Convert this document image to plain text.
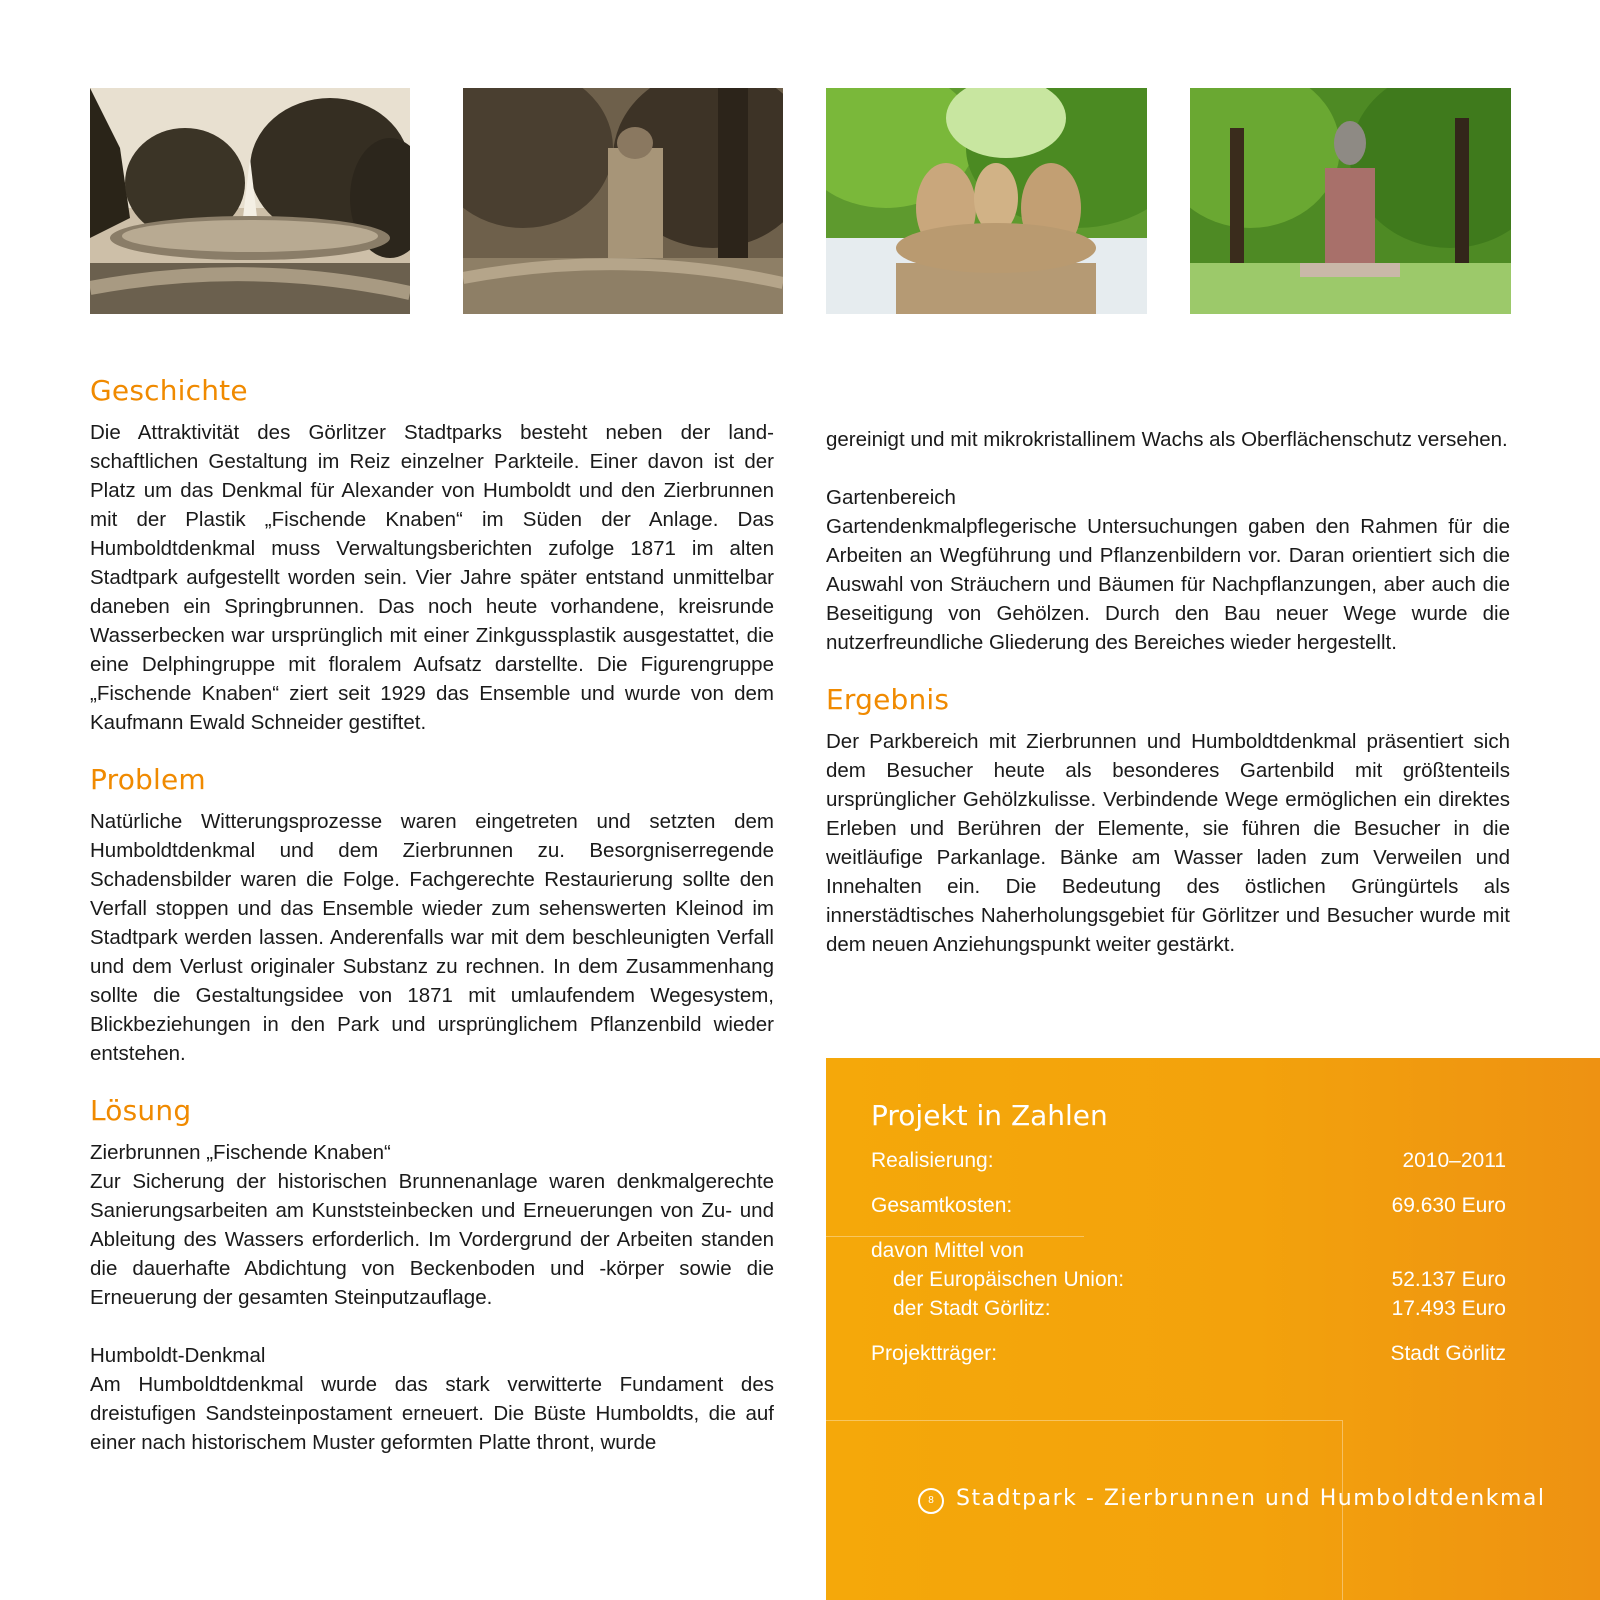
Geschichte

Die Attraktivität des Görlitzer Stadtparks besteht neben der landschaftlichen Gestaltung im Reiz einzelner Parkteile. Einer davon ist der Platz um das Denkmal für Alexander von Humboldt und den Zierbrunnen mit der Plastik „Fischende Knaben“ im Süden der Anlage. Das Humboldtdenkmal muss Verwaltungsberichten zufolge 1871 im alten Stadtpark aufgestellt worden sein. Vier Jahre später entstand unmittelbar daneben ein Springbrunnen. Das noch heute vorhandene, kreisrunde Wasserbecken war ursprünglich mit einer Zinkgussplastik ausgestattet, die eine Delphingruppe mit floralem Aufsatz darstellte. Die Figurengruppe „Fischende Knaben“ ziert seit 1929 das Ensemble und wurde von dem Kaufmann Ewald Schneider gestiftet.

Problem

Natürliche Witterungsprozesse waren eingetreten und setzten dem Humboldtdenkmal und dem Zierbrunnen zu. Besorgniserregende Schadensbilder waren die Folge. Fachgerechte Restaurierung sollte den Verfall stoppen und das Ensemble wieder zum sehenswerten Kleinod im Stadtpark werden lassen. Anderenfalls war mit dem beschleunigten Verfall und dem Verlust originaler Substanz zu rechnen. In dem Zusammenhang sollte die Gestaltungsidee von 1871 mit umlaufendem Wegesystem, Blickbeziehungen in den Park und ursprünglichem Pflanzenbild wieder entstehen.

Lösung

Zierbrunnen „Fischende Knaben“

Zur Sicherung der historischen Brunnenanlage waren denkmalgerechte Sanierungsarbeiten am Kunststeinbecken und Erneuerungen von Zu- und Ableitung des Wassers erforderlich. Im Vordergrund der Arbeiten standen die dauerhafte Abdichtung von Beckenboden und -körper sowie die Erneuerung der gesamten Steinputzauflage.

Humboldt-Denkmal

Am Humboldtdenkmal wurde das stark verwitterte Fundament des dreistufigen Sandsteinpostament erneuert. Die Büste Humboldts, die auf einer nach historischem Muster geformten Platte thront, wurde

gereinigt und mit mikrokristallinem Wachs als Oberflächenschutz versehen.

Gartenbereich

Gartendenkmalpflegerische Untersuchungen gaben den Rahmen für die Arbeiten an Wegführung und Pflanzenbildern vor. Daran orientiert sich die Auswahl von Sträuchern und Bäumen für Nachpflanzungen, aber auch die Beseitigung von Gehölzen. Durch den Bau neuer Wege wurde die nutzerfreundliche Gliederung des Bereiches wieder hergestellt.

Ergebnis

Der Parkbereich mit Zierbrunnen und Humboldtdenkmal präsentiert sich dem Besucher heute als besonderes Gartenbild mit größtenteils ursprünglicher Gehölzkulisse. Verbindende Wege ermöglichen ein direktes Erleben und Berühren der Elemente, sie führen die Besucher in die weitläufige Parkanlage. Bänke am Wasser laden zum Verweilen und Innehalten ein. Die Bedeutung des östlichen Grüngürtels als innerstädtisches Naherholungsgebiet für Görlitzer und Besucher wurde mit dem neuen Anziehungspunkt weiter gestärkt.

Projekt in Zahlen
Realisierung:	2010–2011
Gesamtkosten:	69.630 Euro
davon Mittel von
der Europäischen Union:	52.137 Euro
der Stadt Görlitz:	17.493 Euro
Projektträger:	Stadt Görlitz
8	Stadtpark - Zierbrunnen und Humboldtdenkmal
